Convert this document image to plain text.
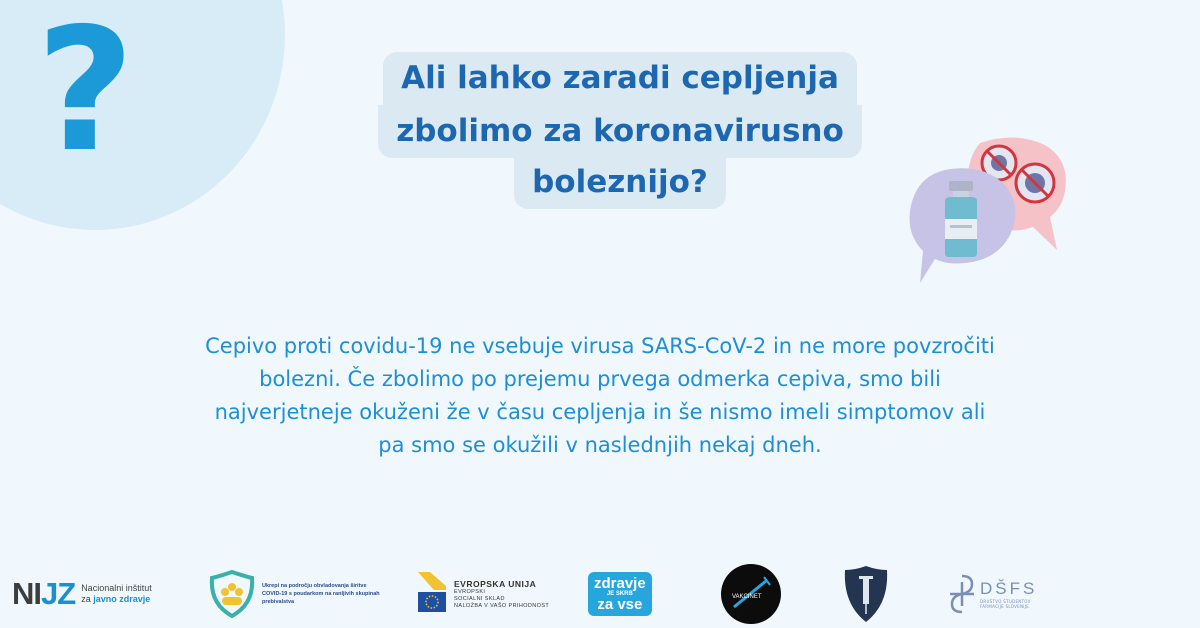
?	Ali lahko zaradi cepljenja
zbolimo za koronavirusno
boleznijo?
Cepivo proti covidu-19 ne vsebuje virusa SARS-CoV-2 in ne more povzročiti
bolezni. Če zbolimo po prejemu prvega odmerka cepiva, smo bili
najverjetneje okuženi že v času cepljenja in še nismo imeli simptomov ali
pa smo se okužili v naslednjih nekaj dneh.
NIJZ Nacionalni inštitut
za javno zdravje
Ukrepi na področju obvladovanja širitve COVID-19 s poudarkom na ranljivih skupinah prebivalstva
EVROPSKA UNIJA
EVROPSKI
SOCIALNI SKLAD
NALOŽBA V VAŠO PRIHODNOST
zdravje
JE SKRB
za vse	VAKCINET	DŠFS
DRUŠTVO ŠTUDENTOV
FARMACIJE SLOVENIJE
